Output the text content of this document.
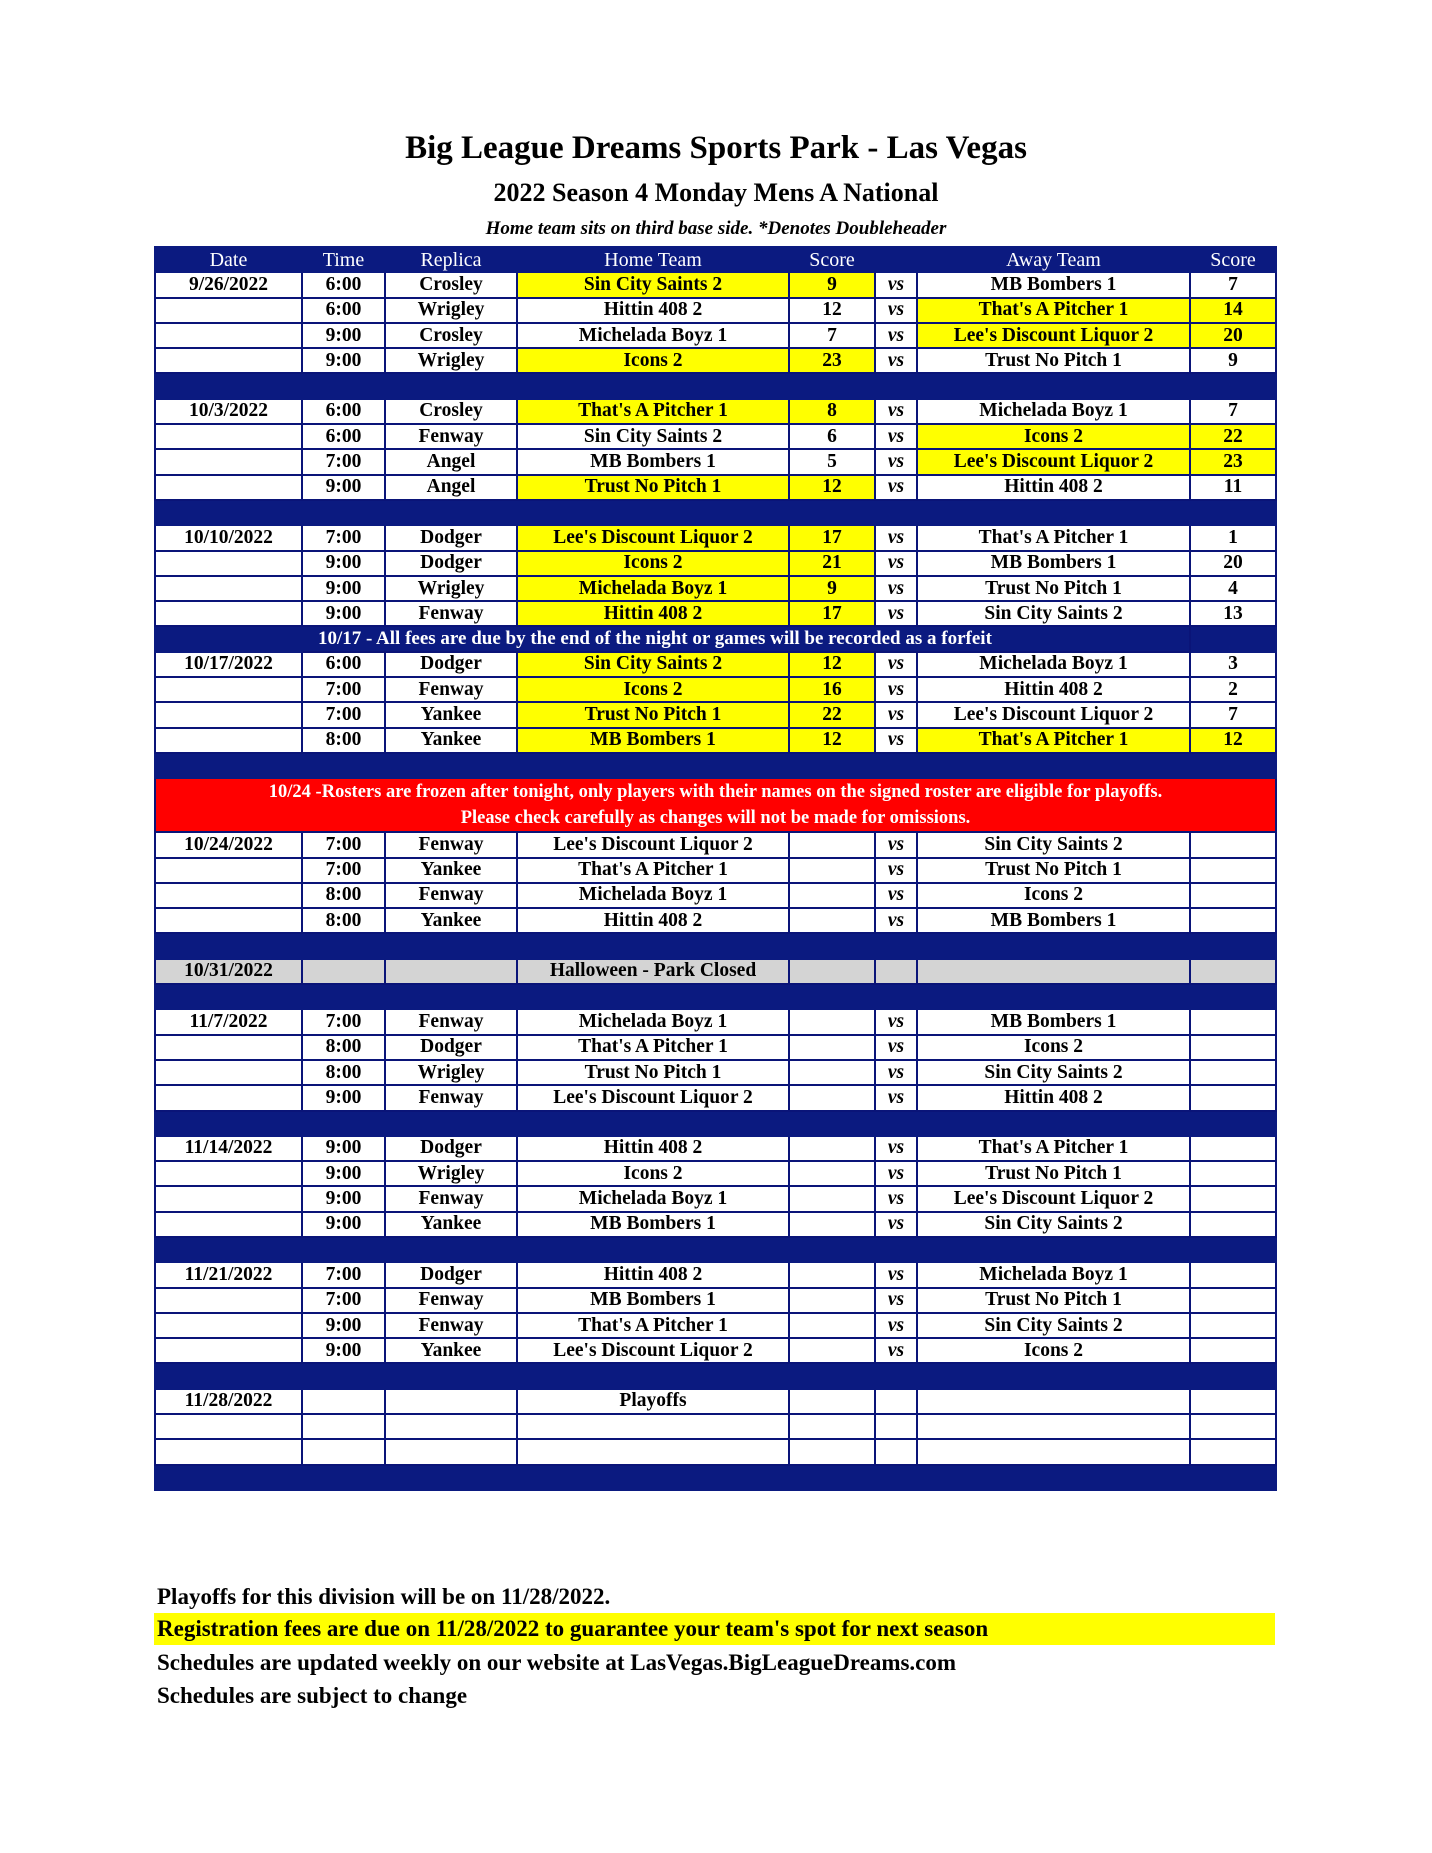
Big League Dreams Sports Park - Las Vegas
2022 Season 4 Monday Mens A National
Home team sits on third base side. *Denotes Doubleheader
Date	Time	Replica	Home Team	Score		Away Team	Score
9/26/2022	6:00	Crosley	Sin City Saints 2	9	vs	MB Bombers 1	7
	6:00	Wrigley	Hittin 408 2	12	vs	That's A Pitcher 1	14
	9:00	Crosley	Michelada Boyz 1	7	vs	Lee's Discount Liquor 2	20
	9:00	Wrigley	Icons 2	23	vs	Trust No Pitch 1	9

10/3/2022	6:00	Crosley	That's A Pitcher 1	8	vs	Michelada Boyz 1	7
	6:00	Fenway	Sin City Saints 2	6	vs	Icons 2	22
	7:00	Angel	MB Bombers 1	5	vs	Lee's Discount Liquor 2	23
	9:00	Angel	Trust No Pitch 1	12	vs	Hittin 408 2	11

10/10/2022	7:00	Dodger	Lee's Discount Liquor 2	17	vs	That's A Pitcher 1	1
	9:00	Dodger	Icons 2	21	vs	MB Bombers 1	20
	9:00	Wrigley	Michelada Boyz 1	9	vs	Trust No Pitch 1	4
	9:00	Fenway	Hittin 408 2	17	vs	Sin City Saints 2	13
	10/17 - All fees are due by the end of the night or games will be recorded as a forfeit						
10/17/2022	6:00	Dodger	Sin City Saints 2	12	vs	Michelada Boyz 1	3
	7:00	Fenway	Icons 2	16	vs	Hittin 408 2	2
	7:00	Yankee	Trust No Pitch 1	22	vs	Lee's Discount Liquor 2	7
	8:00	Yankee	MB Bombers 1	12	vs	That's A Pitcher 1	12

10/24 -Rosters are frozen after tonight, only players with their names on the signed roster are eligible for playoffs.
Please check carefully as changes will not be made for omissions.							

10/24/2022	7:00	Fenway	Lee's Discount Liquor 2		vs	Sin City Saints 2	
	7:00	Yankee	That's A Pitcher 1		vs	Trust No Pitch 1	
	8:00	Fenway	Michelada Boyz 1		vs	Icons 2	
	8:00	Yankee	Hittin 408 2		vs	MB Bombers 1	

10/31/2022			Halloween - Park Closed				

11/7/2022	7:00	Fenway	Michelada Boyz 1		vs	MB Bombers 1	
	8:00	Dodger	That's A Pitcher 1		vs	Icons 2	
	8:00	Wrigley	Trust No Pitch 1		vs	Sin City Saints 2	
	9:00	Fenway	Lee's Discount Liquor 2		vs	Hittin 408 2	

11/14/2022	9:00	Dodger	Hittin 408 2		vs	That's A Pitcher 1	
	9:00	Wrigley	Icons 2		vs	Trust No Pitch 1	
	9:00	Fenway	Michelada Boyz 1		vs	Lee's Discount Liquor 2	
	9:00	Yankee	MB Bombers 1		vs	Sin City Saints 2	

11/21/2022	7:00	Dodger	Hittin 408 2		vs	Michelada Boyz 1	
	7:00	Fenway	MB Bombers 1		vs	Trust No Pitch 1	
	9:00	Fenway	That's A Pitcher 1		vs	Sin City Saints 2	
	9:00	Yankee	Lee's Discount Liquor 2		vs	Icons 2	

11/28/2022			Playoffs				

Playoffs for this division will be on 11/28/2022.
Registration fees are due on 11/28/2022 to guarantee your team's spot for next season
Schedules are updated weekly on our website at LasVegas.BigLeagueDreams.com
Schedules are subject to change
